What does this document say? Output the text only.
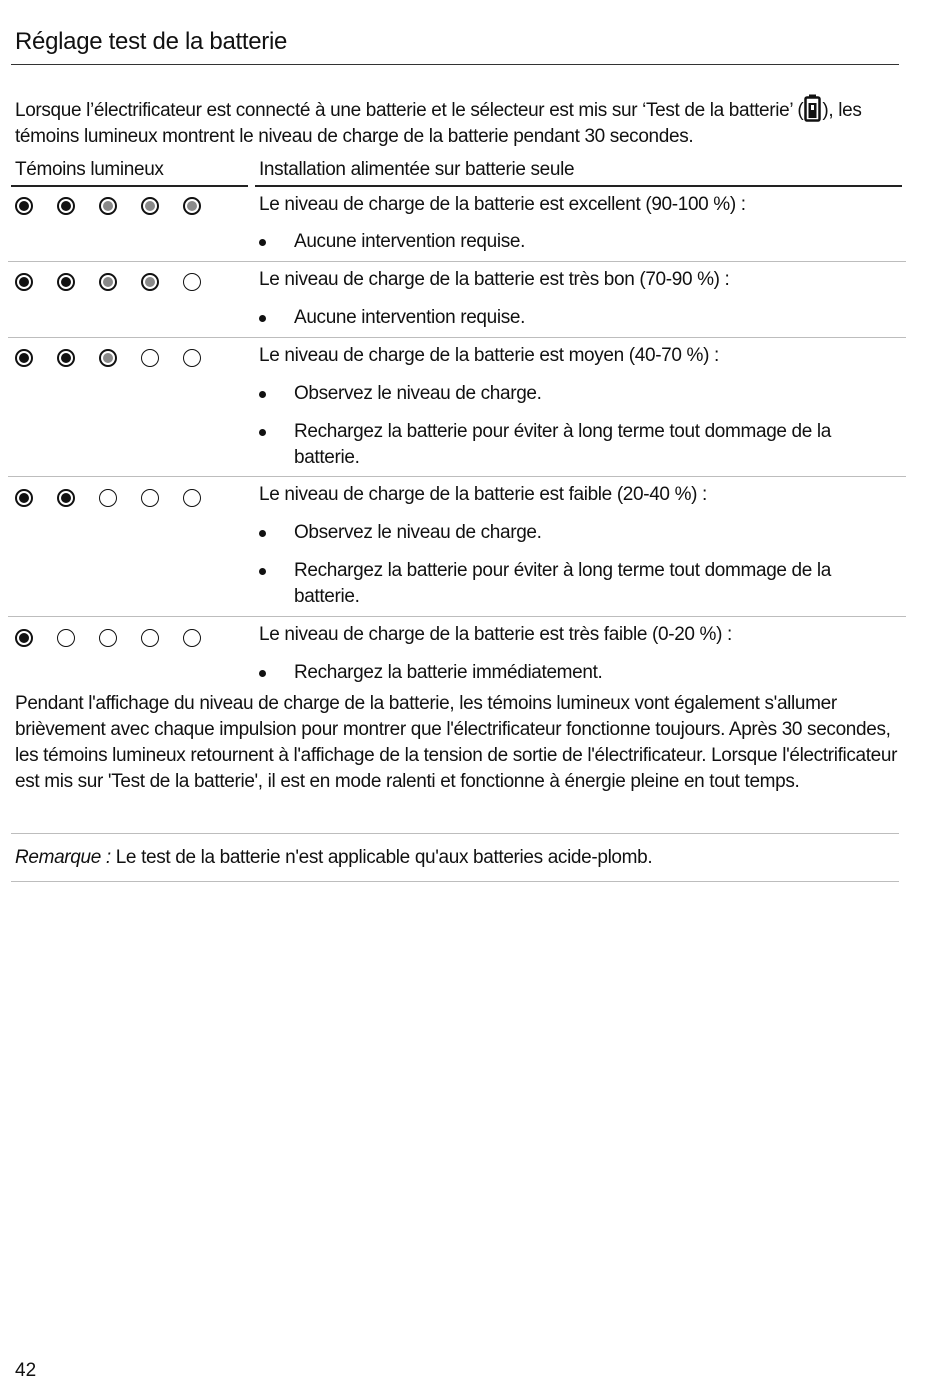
Réglage test de la batterie
Lorsque l’électrificateur est connecté à une batterie et le sélecteur est mis sur ‘Test de la batterie’ ( ), les témoins lumineux montrent le niveau de charge de la batterie pendant 30 secondes.
Témoins lumineux	Installation alimentée sur batterie seule
Le niveau de charge de la batterie est excellent (90-100 %) :
Aucune intervention requise.
Le niveau de charge de la batterie est très bon (70-90 %) :
Aucune intervention requise.
Le niveau de charge de la batterie est moyen (40-70 %) :
Observez le niveau de charge.
Rechargez la batterie pour éviter à long terme tout dommage de la batterie.
Le niveau de charge de la batterie est faible (20-40 %) :
Observez le niveau de charge.
Rechargez la batterie pour éviter à long terme tout dommage de la batterie.
Le niveau de charge de la batterie est très faible (0-20 %) :
Rechargez la batterie immédiatement.
Pendant l'affichage du niveau de charge de la batterie, les témoins lumineux vont également s'allumer brièvement avec chaque impulsion pour montrer que l'électrificateur fonctionne toujours. Après 30 secondes, les témoins lumineux retournent à l'affichage de la tension de sortie de l'électrificateur. Lorsque l'électrificateur est mis sur 'Test de la batterie', il est en mode ralenti et fonctionne à énergie pleine en tout temps.
Remarque : Le test de la batterie n'est applicable qu'aux batteries acide-plomb.
42
